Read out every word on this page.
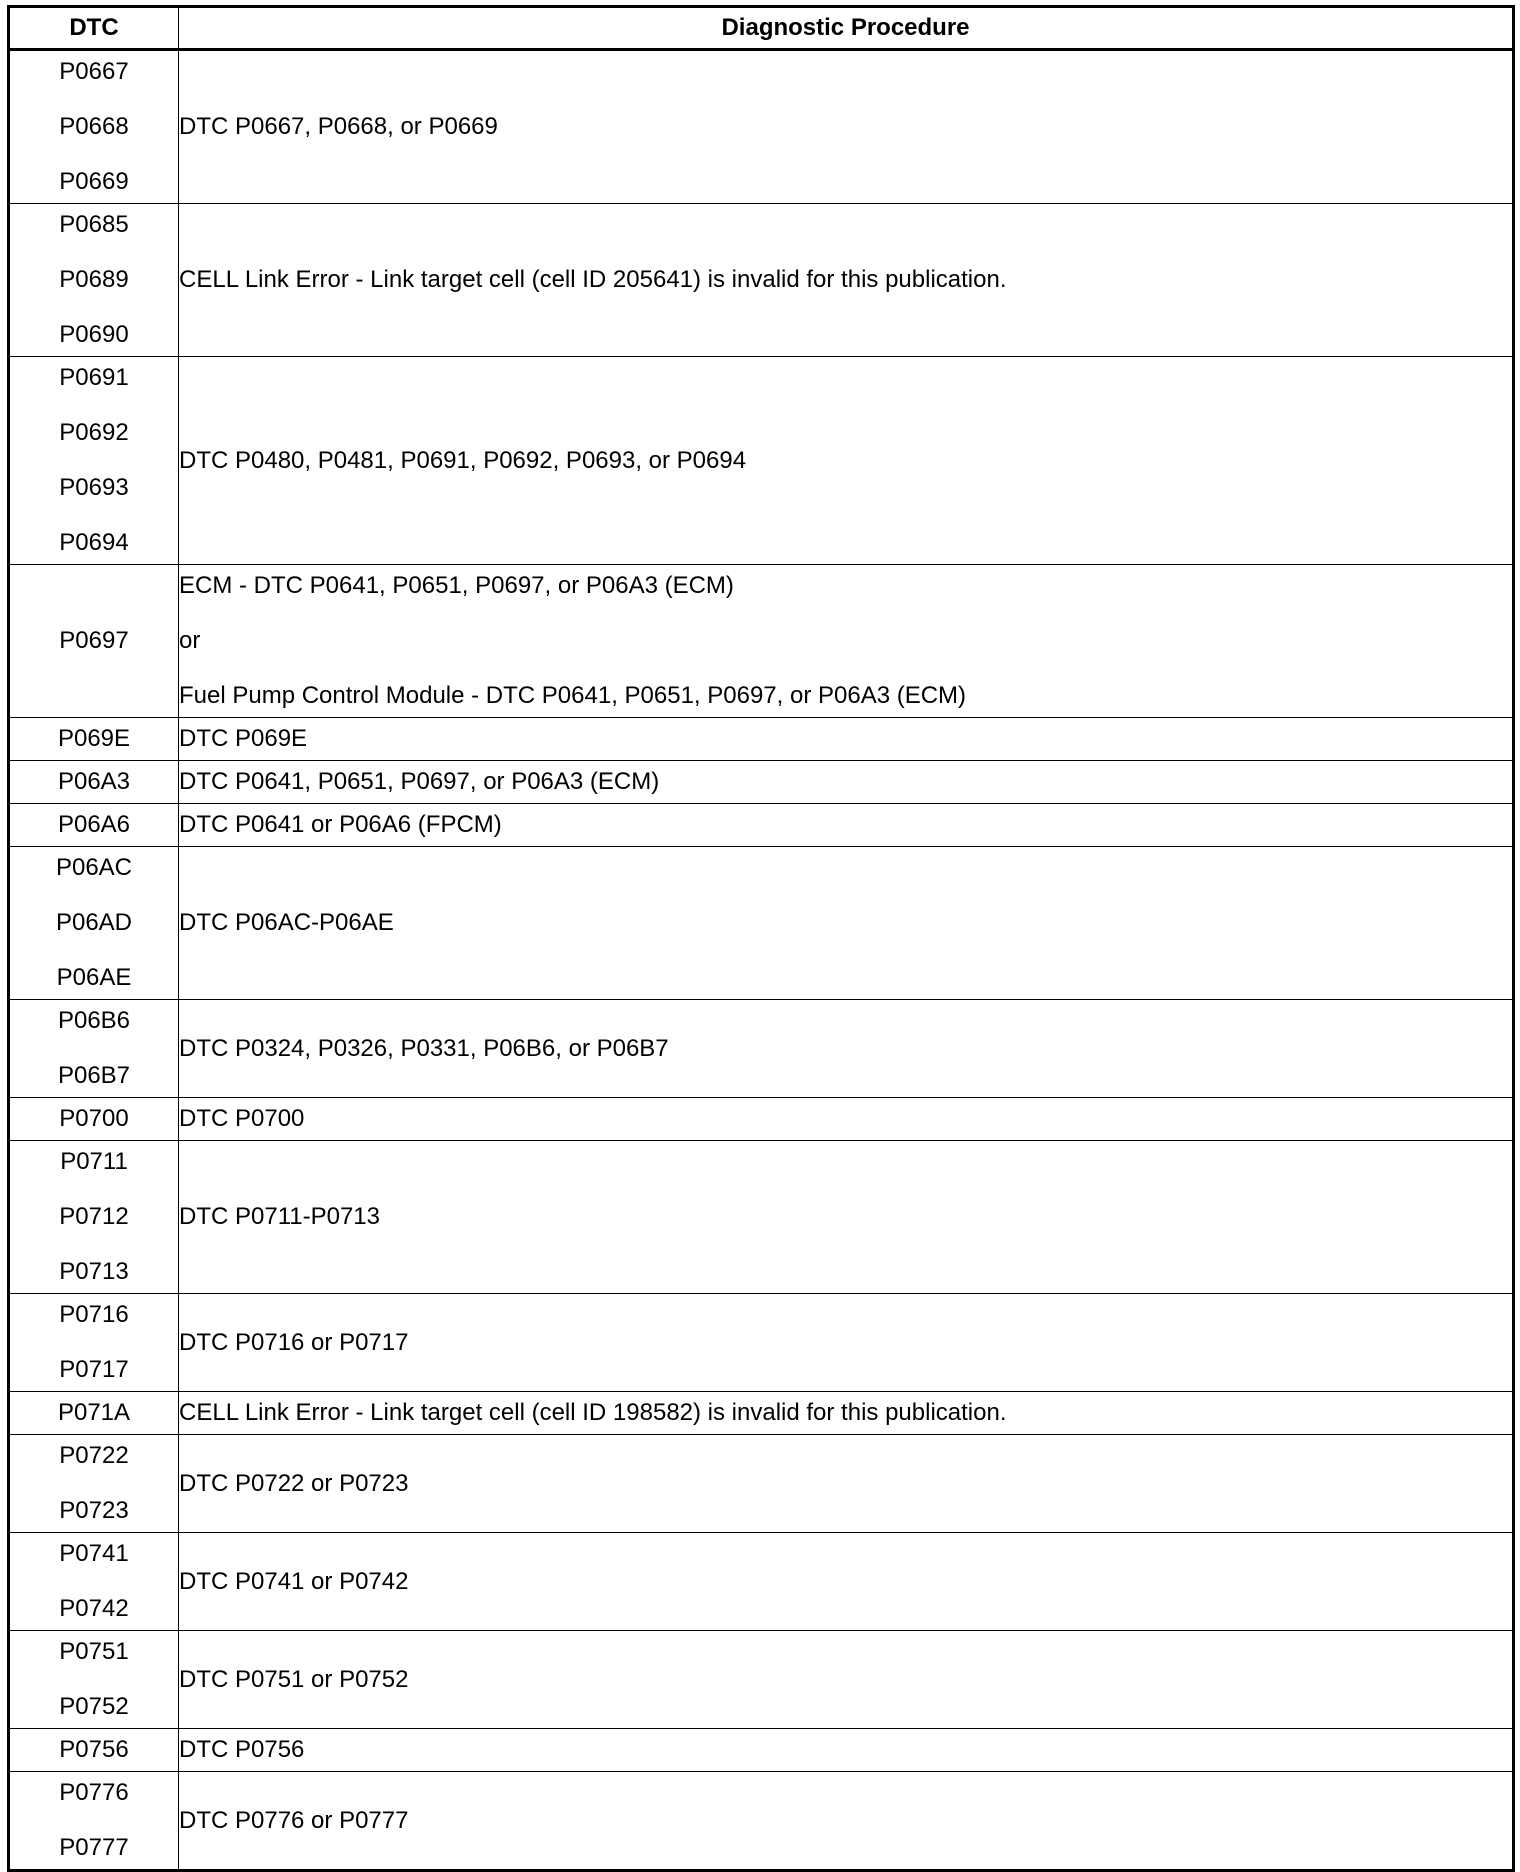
DTC	Diagnostic Procedure

P0667
P0668
P0669	DTC P0667, P0668, or P0669

P0685
P0689
P0690	CELL Link Error - Link target cell (cell ID 205641) is invalid for this publication.

P0691
P0692
P0693
P0694	DTC P0480, P0481, P0691, P0692, P0693, or P0694

P0697	ECM - DTC P0641, P0651, P0697, or P06A3 (ECM)
or
Fuel Pump Control Module - DTC P0641, P0651, P0697, or P06A3 (ECM)

P069E	DTC P069E

P06A3	DTC P0641, P0651, P0697, or P06A3 (ECM)

P06A6	DTC P0641 or P06A6 (FPCM)

P06AC
P06AD
P06AE	DTC P06AC-P06AE

P06B6
P06B7	DTC P0324, P0326, P0331, P06B6, or P06B7

P0700	DTC P0700

P0711
P0712
P0713	DTC P0711-P0713

P0716
P0717	DTC P0716 or P0717

P071A	CELL Link Error - Link target cell (cell ID 198582) is invalid for this publication.

P0722
P0723	DTC P0722 or P0723

P0741
P0742	DTC P0741 or P0742

P0751
P0752	DTC P0751 or P0752

P0756	DTC P0756

P0776
P0777	DTC P0776 or P0777
